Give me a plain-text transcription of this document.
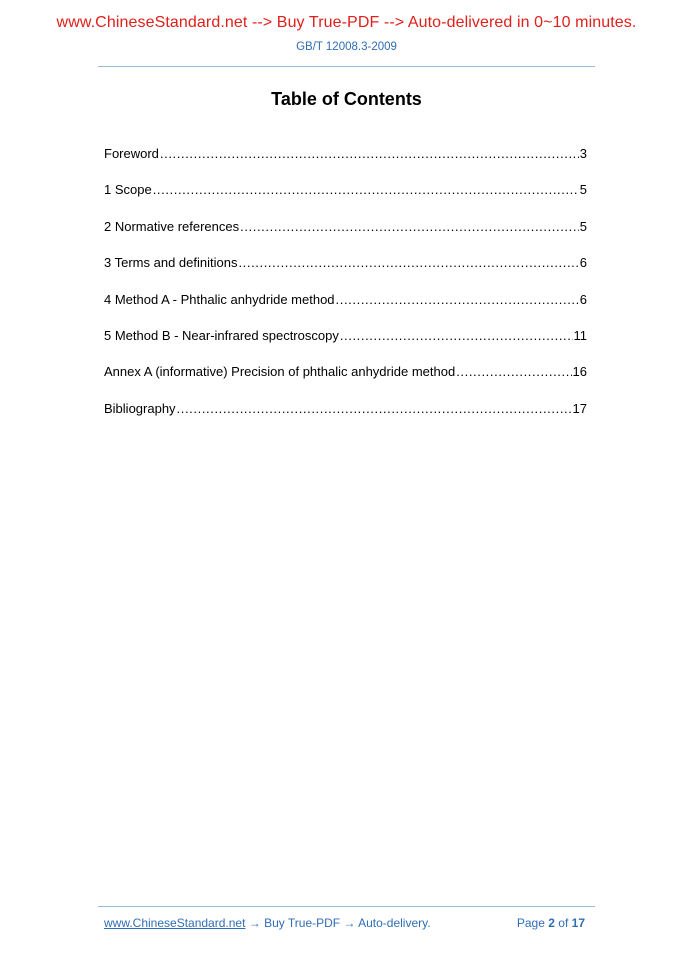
www.ChineseStandard.net --> Buy True-PDF --> Auto-delivered in 0~10 minutes.
GB/T 12008.3-2009
Table of Contents
Foreword .....	3
1 Scope .....	5
2 Normative references .....	5
3 Terms and definitions .....	6
4 Method A - Phthalic anhydride method .....	6
5 Method B - Near-infrared spectroscopy .....	11
Annex A (informative) Precision of phthalic anhydride method .....	16
Bibliography .....	17
www.ChineseStandard.net → Buy True-PDF → Auto-delivery.	Page 2 of 17
